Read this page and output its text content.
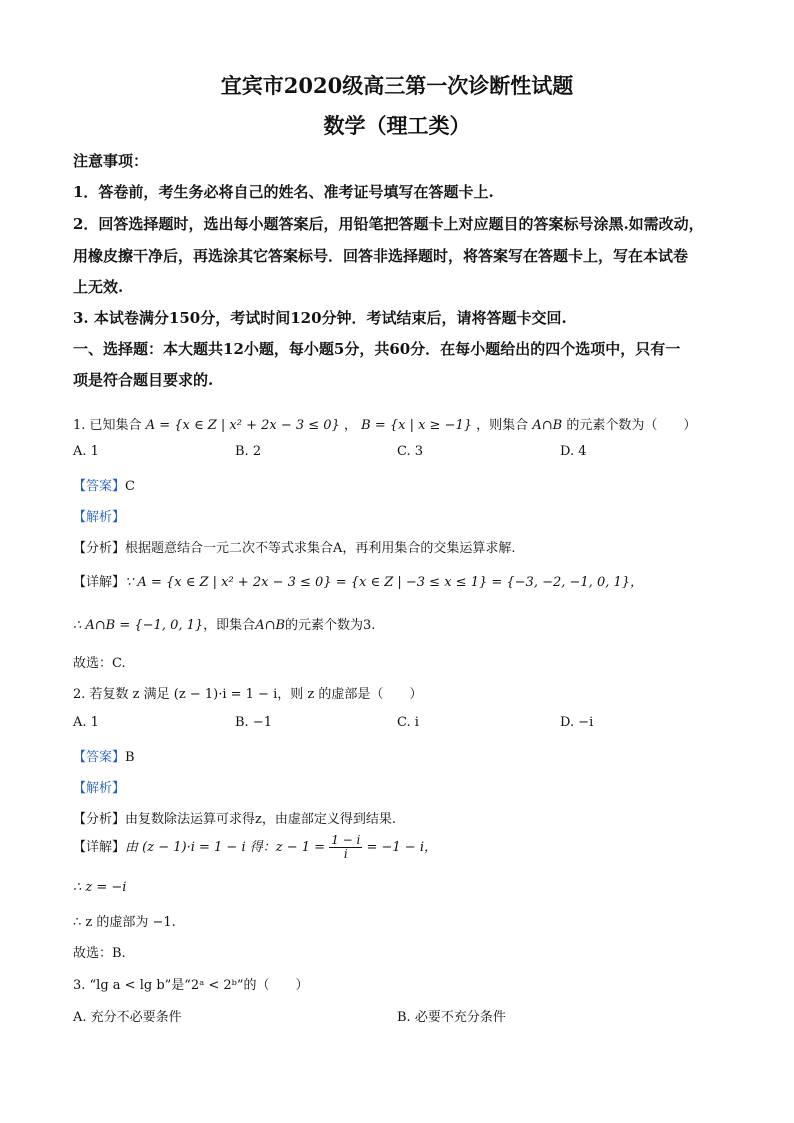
宜宾市2020级高三第一次诊断性试题
数学（理工类）
注意事项：
1．答卷前，考生务必将自己的姓名、准考证号填写在答题卡上.
2．回答选择题时，选出每小题答案后，用铅笔把答题卡上对应题目的答案标号涂黑.如需改动，
用橡皮擦干净后，再选涂其它答案标号．回答非选择题时，将答案写在答题卡上，写在本试卷
上无效.
3. 本试卷满分150分，考试时间120分钟．考试结束后，请将答题卡交回.
一、选择题：本大题共12小题，每小题5分，共60分．在每小题给出的四个选项中，只有一
项是符合题目要求的.
1. 已知集合 A = {x ∈ Z | x² + 2x − 3 ≤ 0} ， B = {x | x ≥ −1} ，则集合 A∩B 的元素个数为（　　）
A. 1	B. 2	C. 3	D. 4
【答案】C
【解析】
【分析】根据题意结合一元二次不等式求集合A，再利用集合的交集运算求解.
【详解】∵ A = {x ∈ Z | x² + 2x − 3 ≤ 0} = {x ∈ Z | −3 ≤ x ≤ 1} = {−3, −2, −1, 0, 1}，
∴ A∩B = {−1, 0, 1}，即集合A∩B的元素个数为3.
故选：C.
2. 若复数 z 满足 (z − 1)·i = 1 − i，则 z 的虚部是（　　）
A. 1	B. −1	C. i	D. −i
【答案】B
【解析】
【分析】由复数除法运算可求得z，由虚部定义得到结果.
【详解】由 (z − 1)·i = 1 − i 得：$z - 1 = \frac{1 - i}{i} = -1 - i$，
∴ z = −i
∴ z 的虚部为 −1.
故选：B.
3. “lg a < lg b”是“2ᵃ < 2ᵇ”的（　　）
A. 充分不必要条件	B. 必要不充分条件
